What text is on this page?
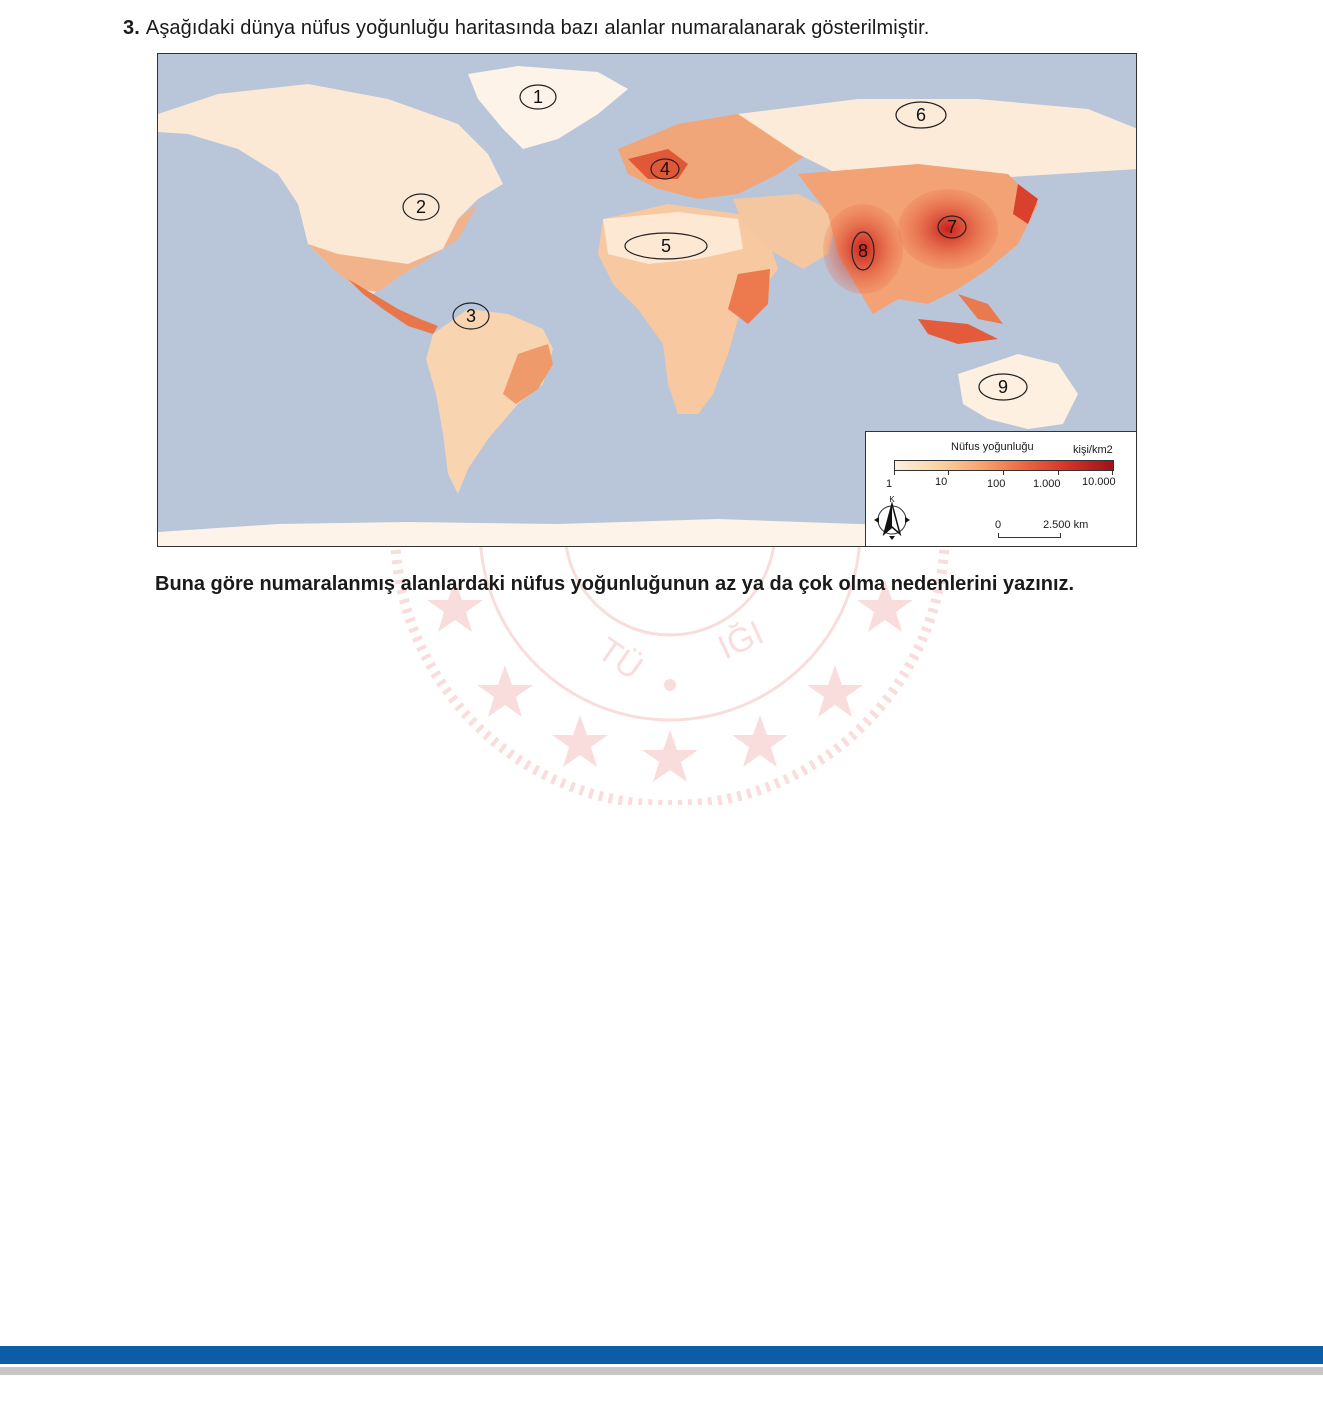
TÜ IĞI
3. Aşağıdaki dünya nüfus yoğunluğu haritasında bazı alanlar numaralanarak gösterilmiştir.
1
2
3
4
5
6
7
8
9
Nüfus yoğunluğu	kişi/km2
1	10	100	1.000 10.000
K
0	2.500 km
Buna göre numaralanmış alanlardaki nüfus yoğunluğunun az ya da çok olma nedenlerini yazınız.
